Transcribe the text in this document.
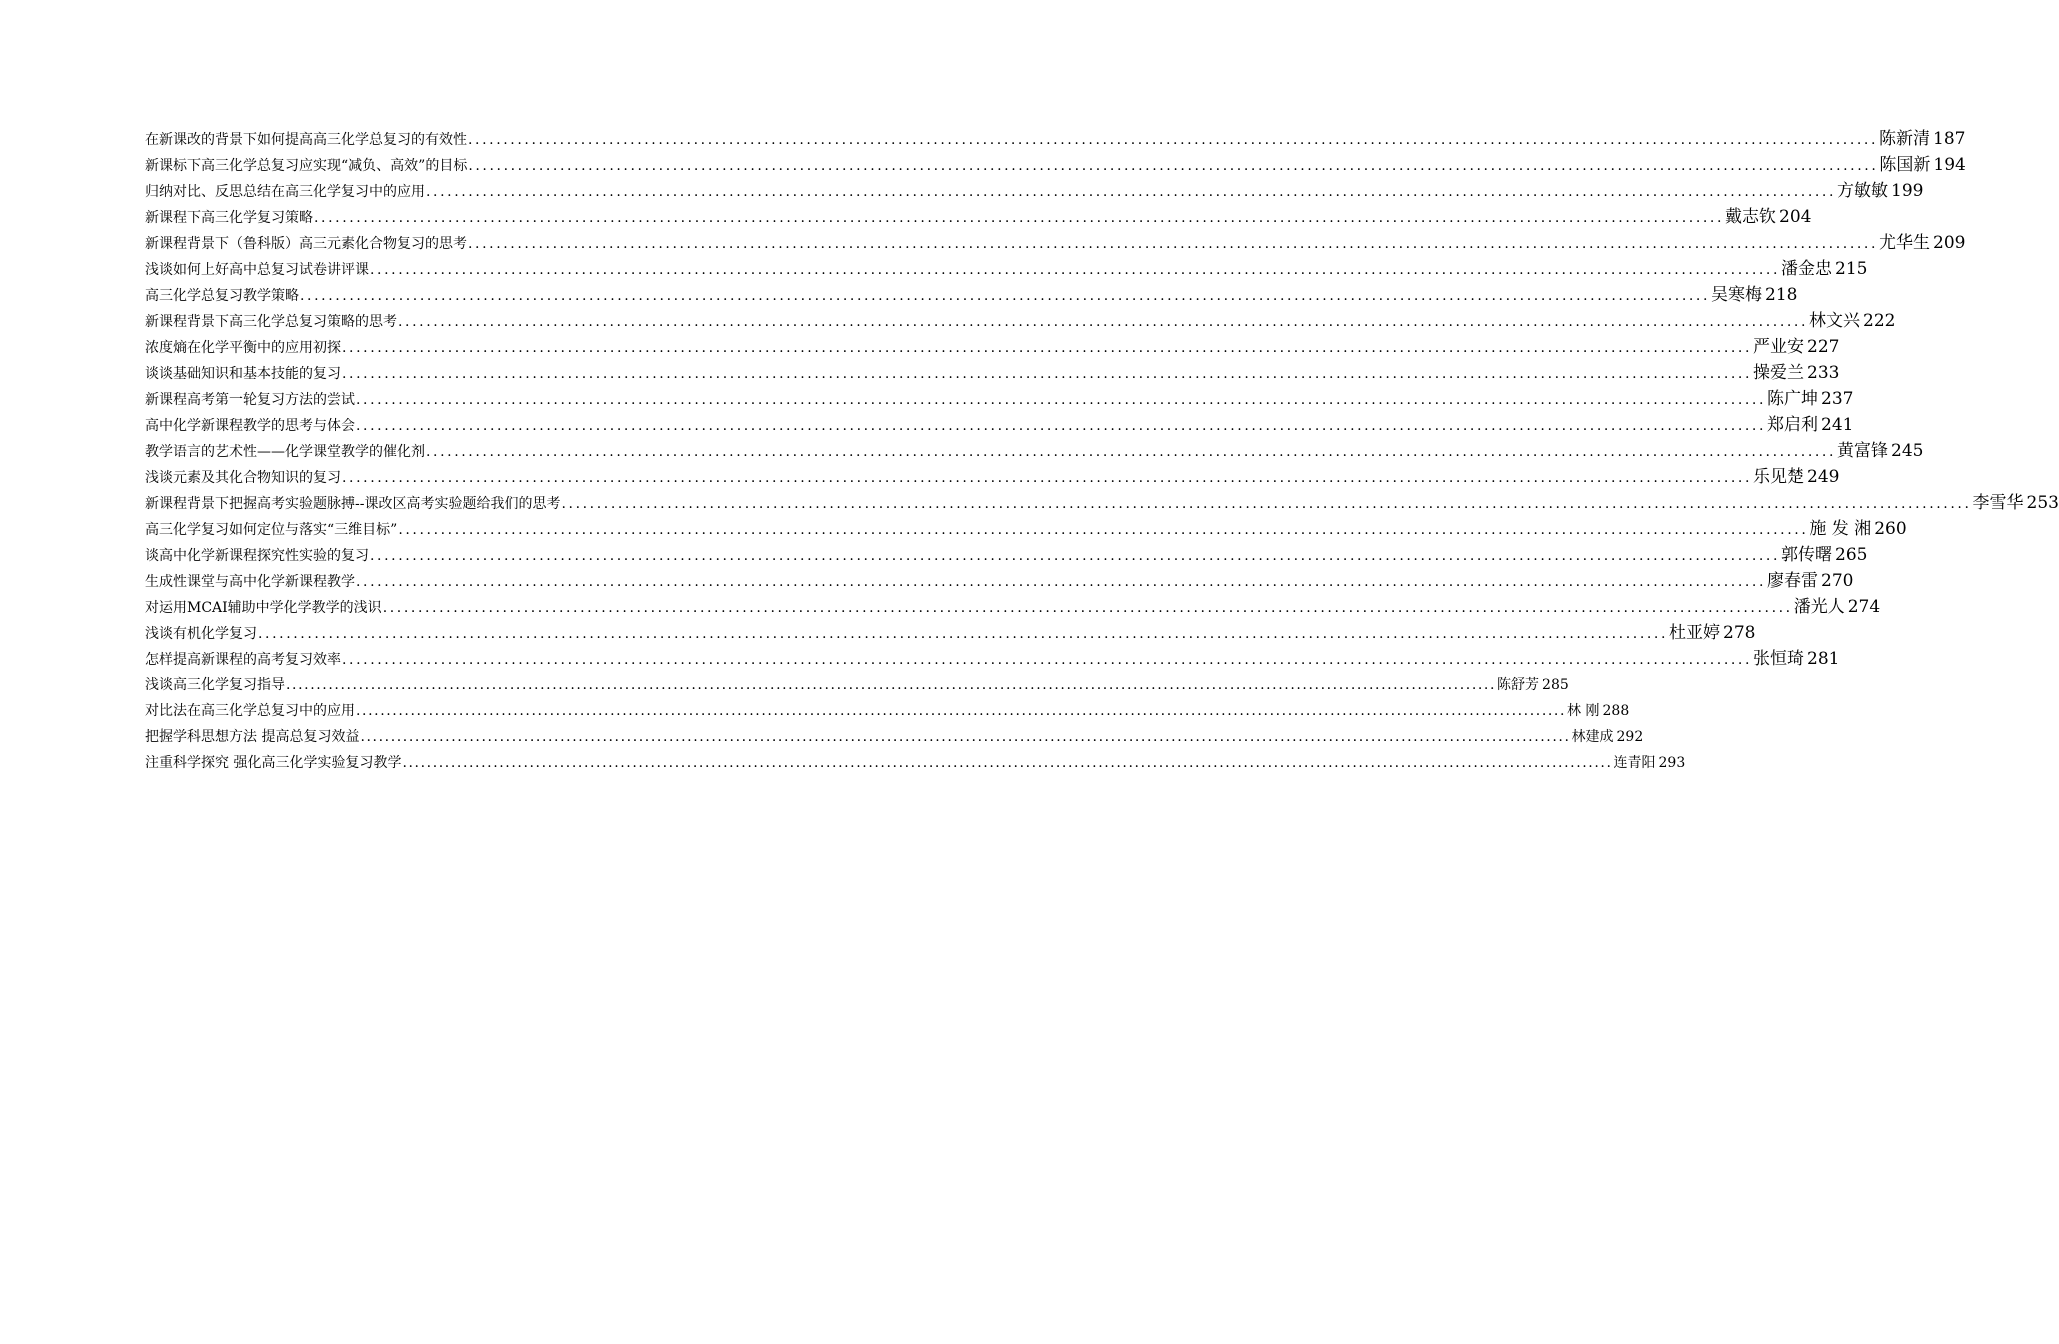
在新课改的背景下如何提高高三化学总复习的有效性 ........................................................................................................................................................................................................ 陈新清 187
新课标下高三化学总复习应实现“减负、高效”的目标 ........................................................................................................................................................................................................ 陈国新 194
归纳对比、反思总结在高三化学复习中的应用 ........................................................................................................................................................................................................ 方敏敏 199
新课程下高三化学复习策略 ........................................................................................................................................................................................................ 戴志钦 204
新课程背景下（鲁科版）高三元素化合物复习的思考 ........................................................................................................................................................................................................ 尤华生 209
浅谈如何上好高中总复习试卷讲评课 ........................................................................................................................................................................................................ 潘金忠 215
高三化学总复习教学策略 ........................................................................................................................................................................................................ 吴寒梅 218
新课程背景下高三化学总复习策略的思考 ........................................................................................................................................................................................................ 林文兴 222
浓度熵在化学平衡中的应用初探 ........................................................................................................................................................................................................ 严业安 227
谈谈基础知识和基本技能的复习 ........................................................................................................................................................................................................ 操爱兰 233
新课程高考第一轮复习方法的尝试 ........................................................................................................................................................................................................ 陈广坤 237
高中化学新课程教学的思考与体会 ........................................................................................................................................................................................................ 郑启利 241
教学语言的艺术性——化学课堂教学的催化剂 ........................................................................................................................................................................................................ 黄富锋 245
浅谈元素及其化合物知识的复习 ........................................................................................................................................................................................................ 乐见楚 249
新课程背景下把握高考实验题脉搏--课改区高考实验题给我们的思考 ........................................................................................................................................................................................................ 李雪华 253
高三化学复习如何定位与落实“三维目标” ........................................................................................................................................................................................................ 施 发 湘 260
谈高中化学新课程探究性实验的复习 ........................................................................................................................................................................................................ 郭传曙 265
生成性课堂与高中化学新课程教学 ........................................................................................................................................................................................................ 廖春雷 270
对运用MCAI辅助中学化学教学的浅识 ........................................................................................................................................................................................................ 潘光人 274
浅谈有机化学复习 ........................................................................................................................................................................................................ 杜亚婷 278
怎样提高新课程的高考复习效率 ........................................................................................................................................................................................................ 张恒琦 281
浅谈高三化学复习指导 ........................................................................................................................................................................................................ 陈舒芳 285
对比法在高三化学总复习中的应用 ........................................................................................................................................................................................................ 林 刚 288
把握学科思想方法 提高总复习效益 ........................................................................................................................................................................................................ 林建成 292
注重科学探究 强化高三化学实验复习教学 ........................................................................................................................................................................................................ 连青阳 293
